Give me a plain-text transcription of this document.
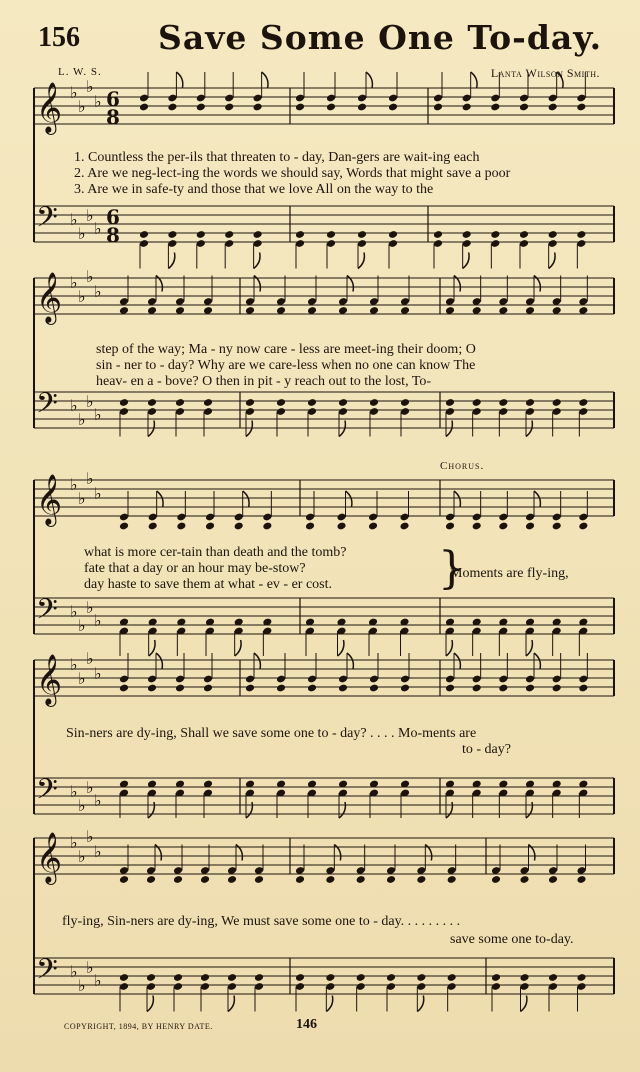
156 Save Some One To-day.
L. W. S.	Lanta Wilson Smith.
𝄞 ♭
♭
♭
♭ 6
8
𝄢 ♭
♭
♭
♭ 6
8
𝄞 ♭
♭
♭
♭
𝄢 ♭
♭
♭
♭
𝄞 ♭
♭
♭
♭
𝄢 ♭
♭
♭
♭
𝄞 ♭
♭
♭
♭
𝄢 ♭
♭
♭
♭
𝄞 ♭
♭
♭
♭
𝄢 ♭
♭
♭
♭
1. Countless the per-ils that threaten to - day, Dan-gers are wait-ing each
2. Are we neg-lect-ing the words we should say, Words that might save a poor
3. Are we in safe-ty and those that we love All on the way to the
step of the way; Ma - ny now care - less are meet-ing their doom; O
sin - ner to - day? Why are we care-less when no one can know The
heav- en a - bove? O then in pit - y reach out to the lost, To-
Chorus.
what is more cer-tain than death and the tomb?
fate that a day or an hour may be-stow?
day haste to save them at what - ev - er cost. }
Moments are fly-ing,
Sin-ners are dy-ing, Shall we save some one to - day? . . . . Mo-ments are
to - day?
fly-ing, Sin-ners are dy-ing, We must save some one to - day. . . . . . . . .
save some one to-day.
COPYRIGHT, 1894, BY HENRY DATE.	146
